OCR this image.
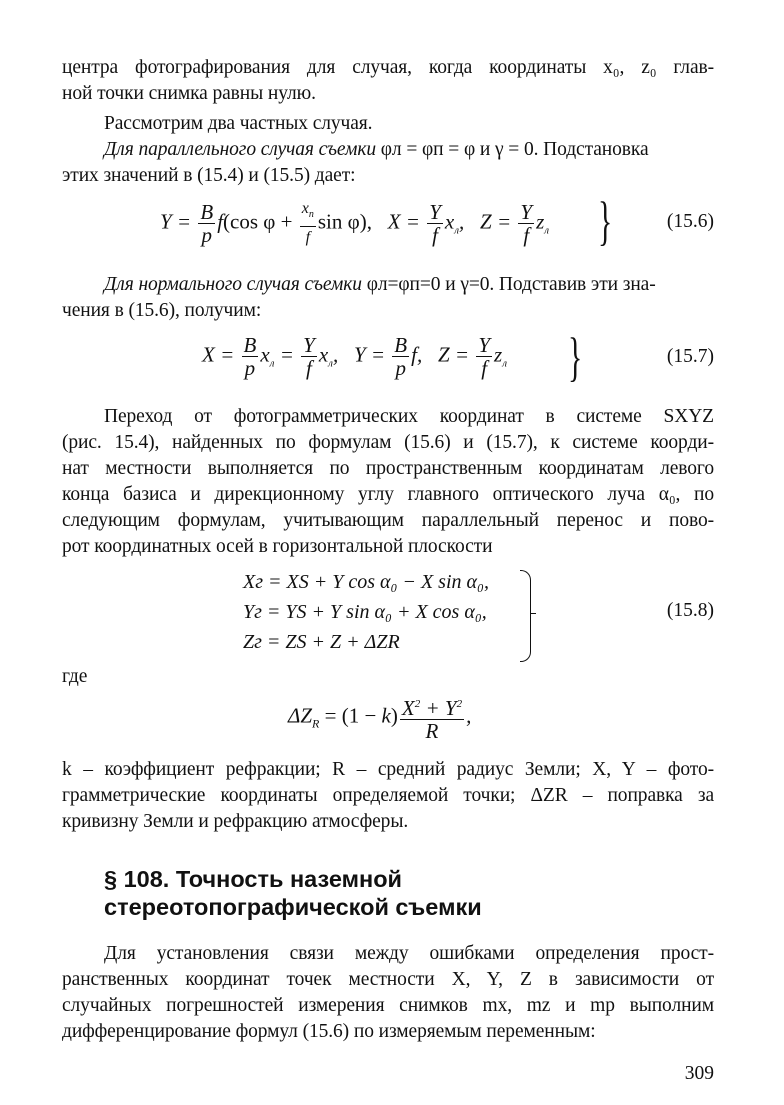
центра фотографирования для случая, когда координаты x₀, z₀ глав-
ной точки снимка равны нулю.
Рассмотрим два частных случая.
Для параллельного случая съемки φл = φп = φ и γ = 0. Подстановка
этих значений в (15.4) и (15.5) дает:
$Y = \frac{B}{p} f(\cos$ $\varphi + \frac{x_п}{f}$ sin φ),   $X = \frac{Y}{f} x_л$,   $Z = \frac{Y}{f} z_л$ }	(15.6)
Для нормального случая съемки φл=φп=0 и γ=0. Подставив эти зна-
чения в (15.6), получим:
$X = \frac{B}{p} x_л = \frac{Y}{f} x_л$,   $Y = \frac{B}{p} f$,   $Z = \frac{Y}{f} z_л$ }	(15.7)
Переход от фотограмметрических координат в системе SXYZ
(рис. 15.4), найденных по формулам (15.6) и (15.7), к системе коорди-
нат местности выполняется по пространственным координатам левого
конца базиса и дирекционному углу главного оптического луча α₀, по
следующим формулам, учитывающим параллельный перенос и пово-
рот координатных осей в горизонтальной плоскости
Xг = XS + Y cos α₀ − X sin α₀,
Yг = YS + Y sin α₀ + X cos α₀,
Zг = ZS + Z + ΔZR
(15.8)
где
$\Delta Z_R = (1 - k) \frac{X^2 + Y^2}{R}$ ,
k – коэффициент рефракции; R – средний радиус Земли; X, Y – фото-
грамметрические координаты определяемой точки; ΔZR – поправка за
кривизну Земли и рефракцию атмосферы.
§ 108. Точность наземной
стереотопографической съемки
Для установления связи между ошибками определения прост-
ранственных координат точек местности X, Y, Z в зависимости от
случайных погрешностей измерения снимков mx, mz и mp выполним
дифференцирование формул (15.6) по измеряемым переменным:
309
